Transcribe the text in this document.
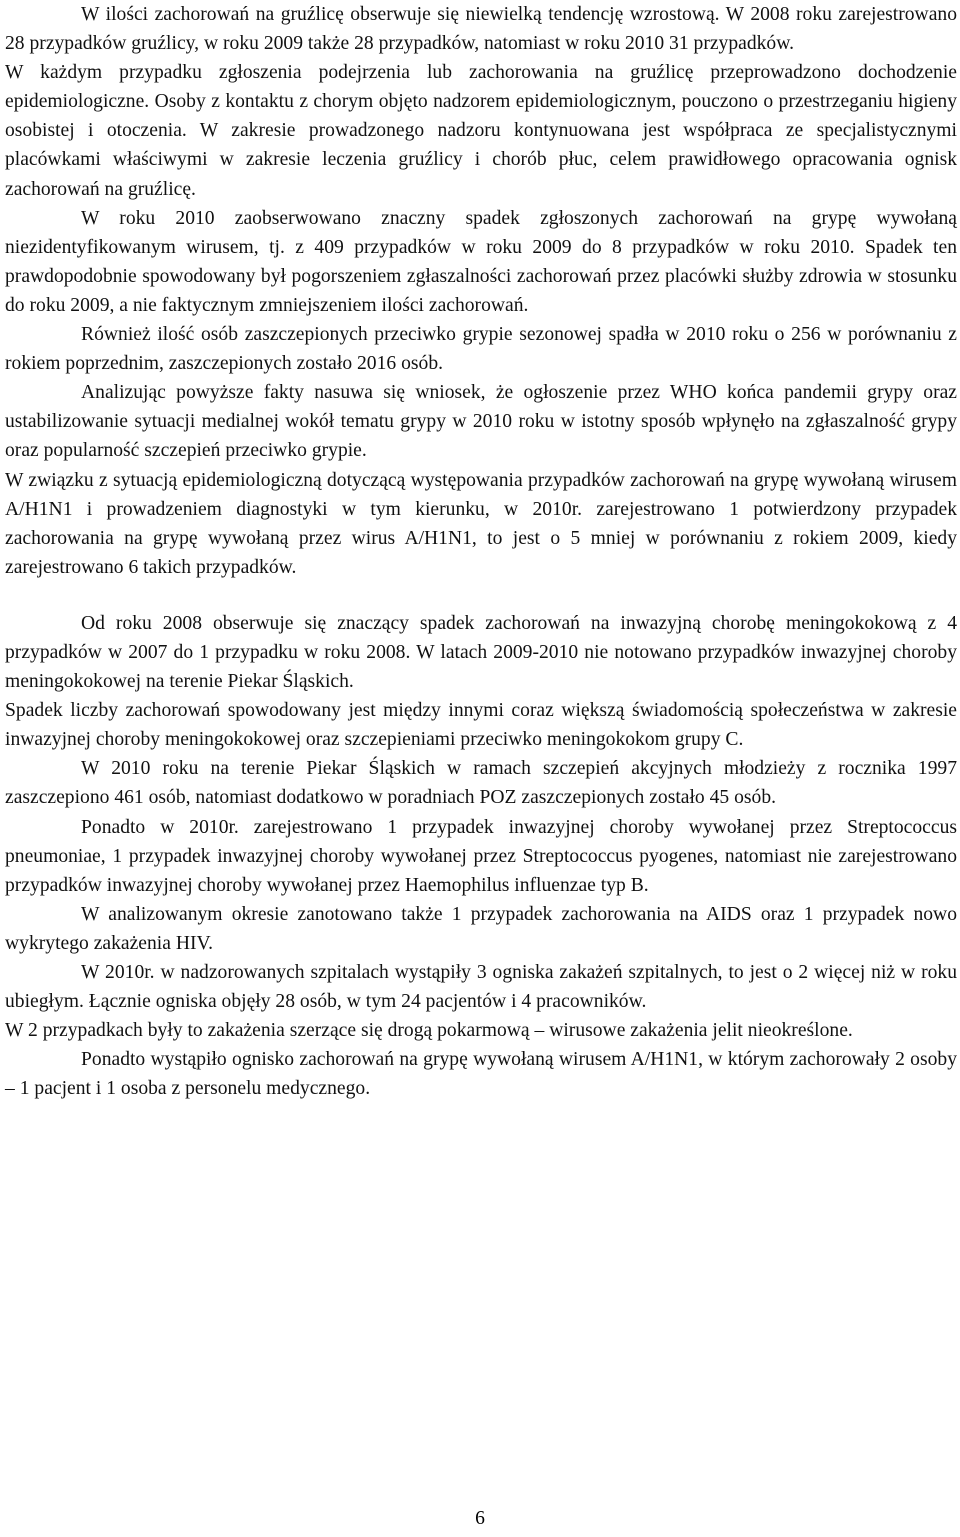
W ilości zachorowań na gruźlicę obserwuje się niewielką tendencję wzrostową. W 2008 roku zarejestrowano 28 przypadków gruźlicy, w roku 2009 także 28 przypadków, natomiast w roku 2010 31 przypadków.

W każdym przypadku zgłoszenia podejrzenia lub zachorowania na gruźlicę przeprowadzono dochodzenie epidemiologiczne. Osoby z kontaktu z chorym objęto nadzorem epidemiologicznym, pouczono o przestrzeganiu higieny osobistej i otoczenia. W zakresie prowadzonego nadzoru kontynuowana jest współpraca ze specjalistycznymi placówkami właściwymi w zakresie leczenia gruźlicy i chorób płuc, celem prawidłowego opracowania ognisk zachorowań na gruźlicę.

W roku 2010 zaobserwowano znaczny spadek zgłoszonych zachorowań na grypę wywołaną niezidentyfikowanym wirusem, tj. z 409 przypadków w roku 2009 do 8 przypadków w roku 2010. Spadek ten prawdopodobnie spowodowany był pogorszeniem zgłaszalności zachorowań przez placówki służby zdrowia w stosunku do roku 2009, a nie faktycznym zmniejszeniem ilości zachorowań.

Również ilość osób zaszczepionych przeciwko grypie sezonowej spadła w 2010 roku o 256 w porównaniu z rokiem poprzednim, zaszczepionych zostało 2016 osób.

Analizując powyższe fakty nasuwa się wniosek, że ogłoszenie przez WHO końca pandemii grypy oraz ustabilizowanie sytuacji medialnej wokół tematu grypy w 2010 roku w istotny sposób wpłynęło na zgłaszalność grypy oraz popularność szczepień przeciwko grypie.

W związku z sytuacją epidemiologiczną dotyczącą występowania przypadków zachorowań na grypę wywołaną wirusem A/H1N1 i prowadzeniem diagnostyki w tym kierunku, w 2010r. zarejestrowano 1 potwierdzony przypadek zachorowania na grypę wywołaną przez wirus A/H1N1, to jest o 5 mniej w porównaniu z rokiem 2009, kiedy zarejestrowano 6 takich przypadków.

Od roku 2008 obserwuje się znaczący spadek zachorowań na inwazyjną chorobę meningokokową z 4 przypadków w 2007 do 1 przypadku w roku 2008. W latach 2009-2010 nie notowano przypadków inwazyjnej choroby meningokokowej na terenie Piekar Śląskich.

Spadek liczby zachorowań spowodowany jest między innymi coraz większą świadomością społeczeństwa w zakresie inwazyjnej choroby meningokokowej oraz szczepieniami przeciwko meningokokom grupy C.

W 2010 roku na terenie Piekar Śląskich w ramach szczepień akcyjnych młodzieży z rocznika 1997 zaszczepiono 461 osób, natomiast dodatkowo w poradniach POZ zaszczepionych zostało 45 osób.

Ponadto w 2010r. zarejestrowano 1 przypadek inwazyjnej choroby wywołanej przez Streptococcus pneumoniae, 1 przypadek inwazyjnej choroby wywołanej przez Streptococcus pyogenes, natomiast nie zarejestrowano przypadków inwazyjnej choroby wywołanej przez Haemophilus influenzae typ B.

W analizowanym okresie zanotowano także 1 przypadek zachorowania na AIDS oraz 1 przypadek nowo wykrytego zakażenia HIV.

W 2010r. w nadzorowanych szpitalach wystąpiły 3 ogniska zakażeń szpitalnych, to jest o 2 więcej niż w roku ubiegłym. Łącznie ogniska objęły 28 osób, w tym 24 pacjentów i 4 pracowników.

W 2 przypadkach były to zakażenia szerzące się drogą pokarmową – wirusowe zakażenia jelit nieokreślone.

Ponadto wystąpiło ognisko zachorowań na grypę wywołaną wirusem A/H1N1, w którym zachorowały 2 osoby – 1 pacjent i 1 osoba z personelu medycznego.

6
